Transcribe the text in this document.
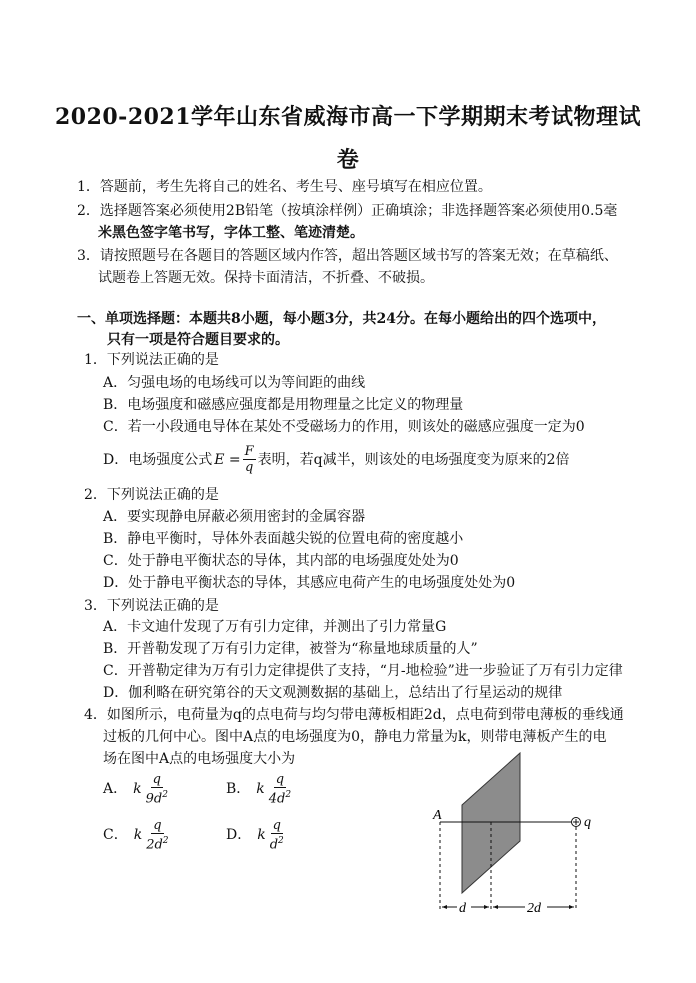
2020-2021学年山东省威海市高一下学期期末考试物理试
卷
1．答题前，考生先将自己的姓名、考生号、座号填写在相应位置。
2．选择题答案必须使用2B铅笔（按填涂样例）正确填涂；非选择题答案必须使用0.5毫
米黑色签字笔书写，字体工整、笔迹清楚。
3．请按照题号在各题目的答题区域内作答，超出答题区域书写的答案无效；在草稿纸、
试题卷上答题无效。保持卡面清洁，不折叠、不破损。
一、单项选择题：本题共8小题，每小题3分，共24分。在每小题给出的四个选项中，
只有一项是符合题目要求的。
1．下列说法正确的是
A．匀强电场的电场线可以为等间距的曲线
B．电场强度和磁感应强度都是用物理量之比定义的物理量
C．若一小段通电导体在某处不受磁场力的作用，则该处的磁感应强度一定为0
D．电场强度公式 $E = \frac{F}{q}$ 表明，若q减半，则该处的电场强度变为原来的2倍
2．下列说法正确的是
A．要实现静电屏蔽必须用密封的金属容器
B．静电平衡时，导体外表面越尖锐的位置电荷的密度越小
C．处于静电平衡状态的导体，其内部的电场强度处处为0
D．处于静电平衡状态的导体，其感应电荷产生的电场强度处处为0
3．下列说法正确的是
A．卡文迪什发现了万有引力定律，并测出了引力常量G
B．开普勒发现了万有引力定律，被誉为“称量地球质量的人”
C．开普勒定律为万有引力定律提供了支持，“月-地检验”进一步验证了万有引力定律
D．伽利略在研究第谷的天文观测数据的基础上，总结出了行星运动的规律
4．如图所示，电荷量为q的点电荷与均匀带电薄板相距2d，点电荷到带电薄板的垂线通
过板的几何中心。图中A点的电场强度为0，静电力常量为k，则带电薄板产生的电
场在图中A点的电场强度大小为
A． k $\frac{q}{9d^2}$	B． k $\frac{q}{4d^2}$
C． k $\frac{q}{2d^2}$	D． k $\frac{q}{d^2}$
A	q
d	2d
